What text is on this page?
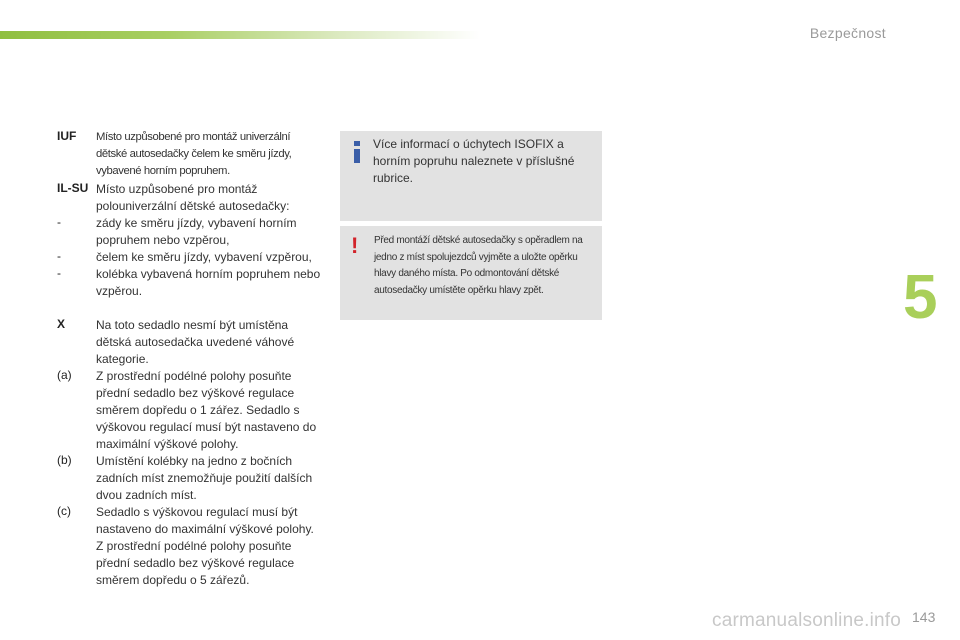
Bezpečnost
5
IUF Místo uzpůsobené pro montáž univerzální dětské autosedačky čelem ke směru jízdy, vybavené horním popruhem.
IL-SU Místo uzpůsobené pro montáž polouniverzální dětské autosedačky:
-	zády ke směru jízdy, vybavení horním popruhem nebo vzpěrou,
-	čelem ke směru jízdy, vybavení vzpěrou,
-	kolébka vybavená horním popruhem nebo vzpěrou.
X	Na toto sedadlo nesmí být umístěna dětská autosedačka uvedené váhové kategorie.
(a) Z prostřední podélné polohy posuňte přední sedadlo bez výškové regulace směrem dopředu o 1 zářez. Sedadlo s výškovou regulací musí být nastaveno do maximální výškové polohy.
(b) Umístění kolébky na jedno z bočních zadních míst znemožňuje použití dalších dvou zadních míst.
(c) Sedadlo s výškovou regulací musí být nastaveno do maximální výškové polohy. Z prostřední podélné polohy posuňte přední sedadlo bez výškové regulace směrem dopředu o 5 zářezů.
Více informací o úchytech ISOFIX a horním popruhu naleznete v příslušné rubrice.
! Před montáží dětské autosedačky s opěradlem na jedno z míst spolujezdců vyjměte a uložte opěrku hlavy daného místa. Po odmontování dětské autosedačky umístěte opěrku hlavy zpět.
carmanualsonline.info 143
